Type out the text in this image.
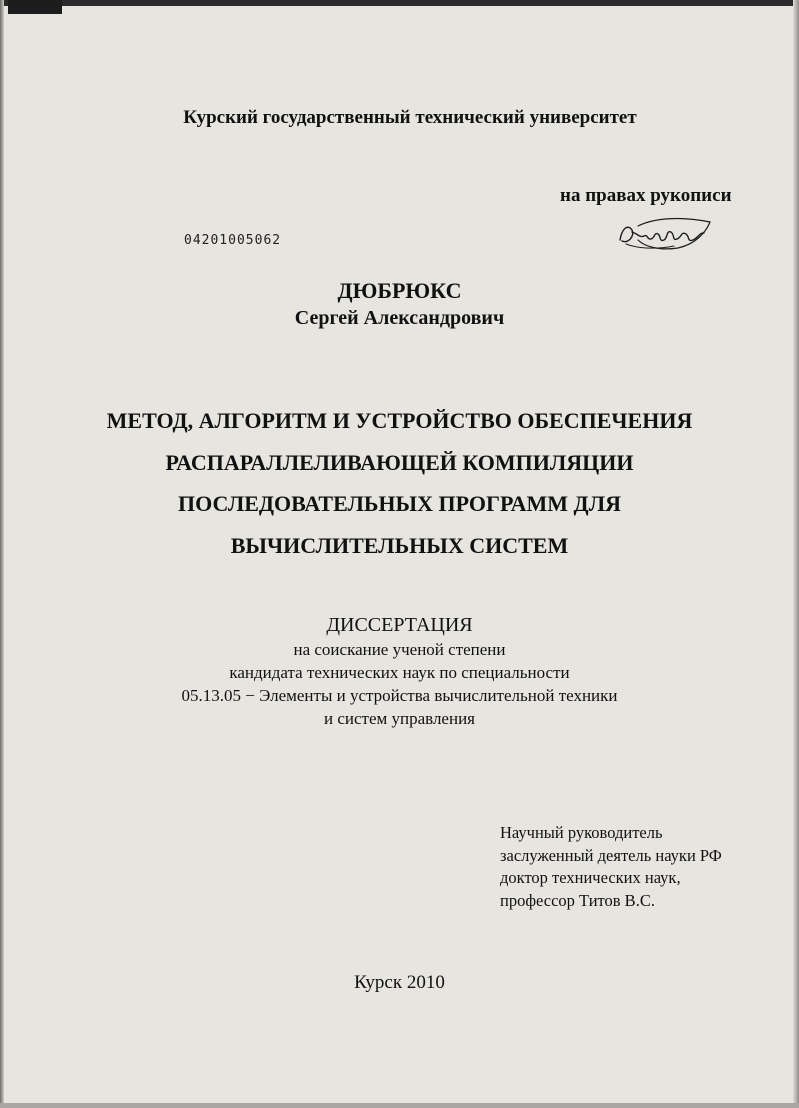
Курский государственный технический университет
на правах рукописи
04201005062
ДЮБРЮКС
Сергей Александрович
МЕТОД, АЛГОРИТМ И УСТРОЙСТВО ОБЕСПЕЧЕНИЯ
РАСПАРАЛЛЕЛИВАЮЩЕЙ КОМПИЛЯЦИИ
ПОСЛЕДОВАТЕЛЬНЫХ ПРОГРАММ ДЛЯ
ВЫЧИСЛИТЕЛЬНЫХ СИСТЕМ
ДИССЕРТАЦИЯ
на соискание ученой степени
кандидата технических наук по специальности
05.13.05 − Элементы и устройства вычислительной техники
и систем управления
Научный руководитель
заслуженный деятель науки РФ
доктор технических наук,
профессор Титов В.С.
Курск 2010
